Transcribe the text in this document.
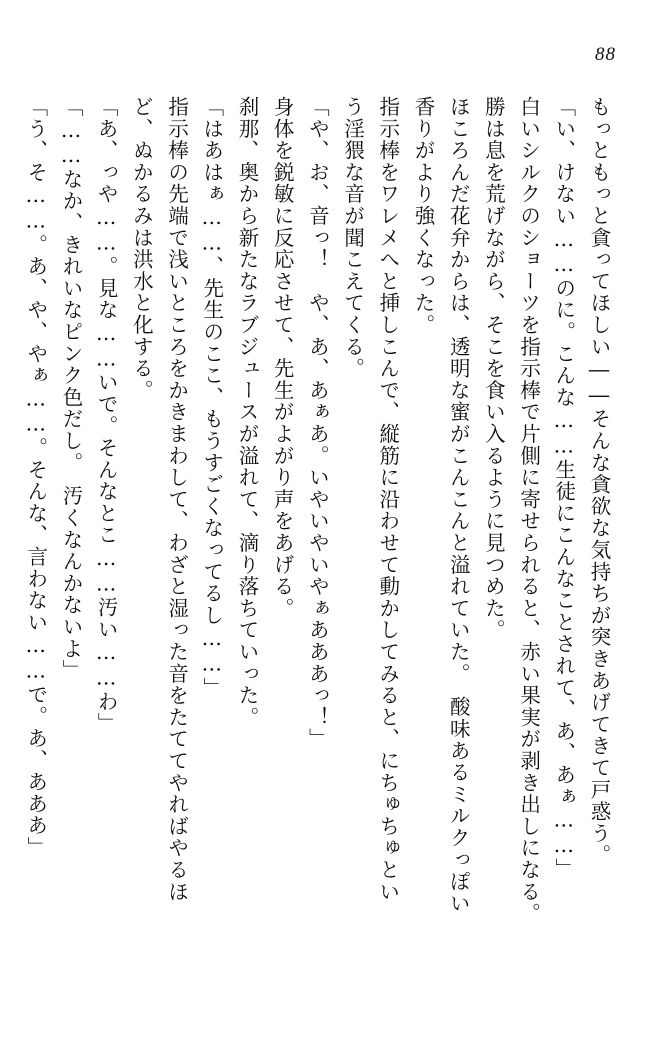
88

もっともっと貪ってほしい――そんな貪欲な気持ちが突きあげてきて戸惑う。

「い、けない……のに。こんな……生徒にこんなことされて、あ、あぁ……」

白いシルクのショーツを指示棒で片側に寄せられると、赤い果実が剥き出しになる。

勝は息を荒げながら、そこを食い入るように見つめた。

ほころんだ花弁からは、透明な蜜がこんこんと溢れていた。　酸味あるミルクっぽい

香りがより強くなった。

指示棒をワレメへと挿しこんで、縦筋に沿わせて動かしてみると、にちゅちゅとい

う淫猥な音が聞こえてくる。

「や、お、音っ！　や、あ、あぁあ。いやいやいやぁあああっ！」

身体を鋭敏に反応させて、先生がよがり声をあげる。

刹那、奥から新たなラブジュースが溢れて、滴り落ちていった。

「はあはぁ……、先生のここ、もうすごくなってるし……」

指示棒の先端で浅いところをかきまわして、わざと湿った音をたててやればやるほ

ど、ぬかるみは洪水と化する。

「あ、っや……。見な……いで。そんなとこ……汚い……わ」

「……なか、きれいなピンク色だし。　汚くなんかないよ」

「う、そ……。あ、や、やぁ……。そんな、言わない……で。あ、あああ」
